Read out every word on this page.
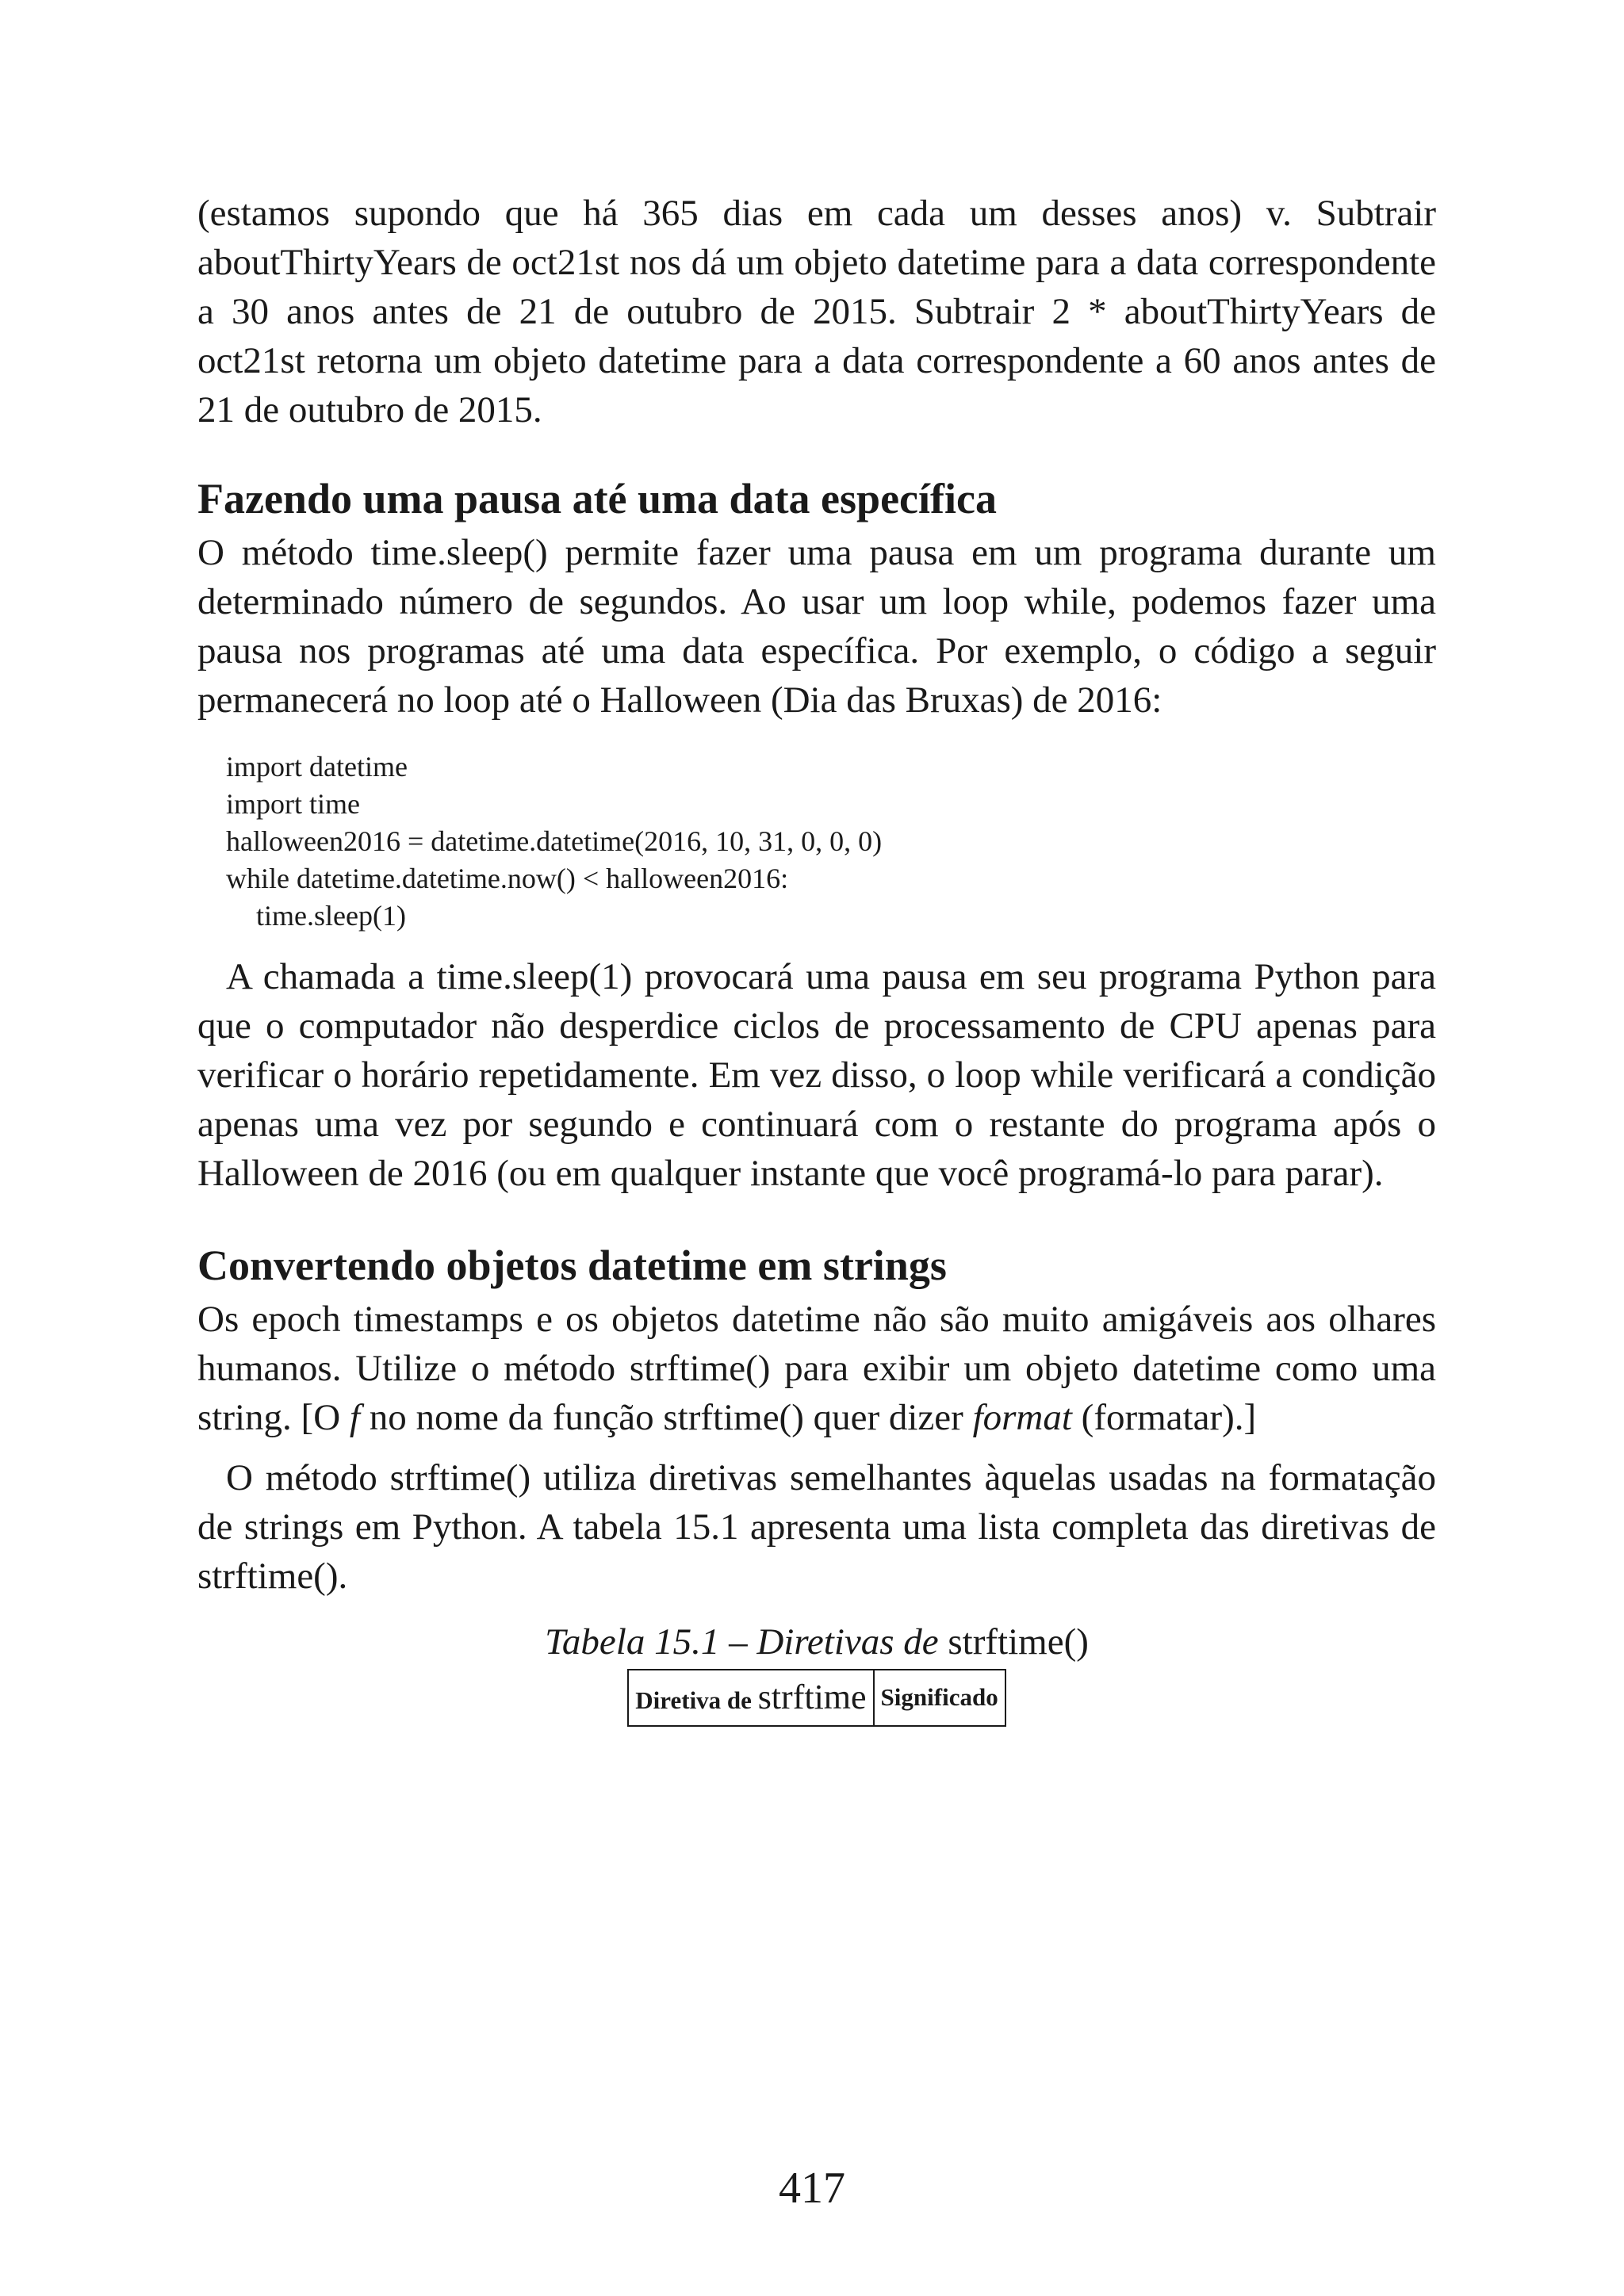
(estamos supondo que há 365 dias em cada um desses anos) v. Subtrair aboutThirtyYears de oct21st nos dá um objeto datetime para a data correspondente a 30 anos antes de 21 de outubro de 2015. Subtrair 2 * aboutThirtyYears de oct21st retorna um objeto datetime para a data correspondente a 60 anos antes de 21 de outubro de 2015.

Fazendo uma pausa até uma data específica

O método time.sleep() permite fazer uma pausa em um programa durante um determinado número de segundos. Ao usar um loop while, podemos fazer uma pausa nos programas até uma data específica. Por exemplo, o código a seguir permanecerá no loop até o Halloween (Dia das Bruxas) de 2016:

import datetime
import time
halloween2016 = datetime.datetime(2016, 10, 31, 0, 0, 0)
while datetime.datetime.now() < halloween2016:
time.sleep(1)

A chamada a time.sleep(1) provocará uma pausa em seu programa Python para que o computador não desperdice ciclos de processamento de CPU apenas para verificar o horário repetidamente. Em vez disso, o loop while verificará a condição apenas uma vez por segundo e continuará com o restante do programa após o Halloween de 2016 (ou em qualquer instante que você programá-lo para parar).

Convertendo objetos datetime em strings

Os epoch timestamps e os objetos datetime não são muito amigáveis aos olhares humanos. Utilize o método strftime() para exibir um objeto datetime como uma string. [O f no nome da função strftime() quer dizer format (formatar).]

O método strftime() utiliza diretivas semelhantes àquelas usadas na formatação de strings em Python. A tabela 15.1 apresenta uma lista completa das diretivas de strftime().

Tabela 15.1 – Diretivas de strftime()
Diretiva de strftime	Significado
417
